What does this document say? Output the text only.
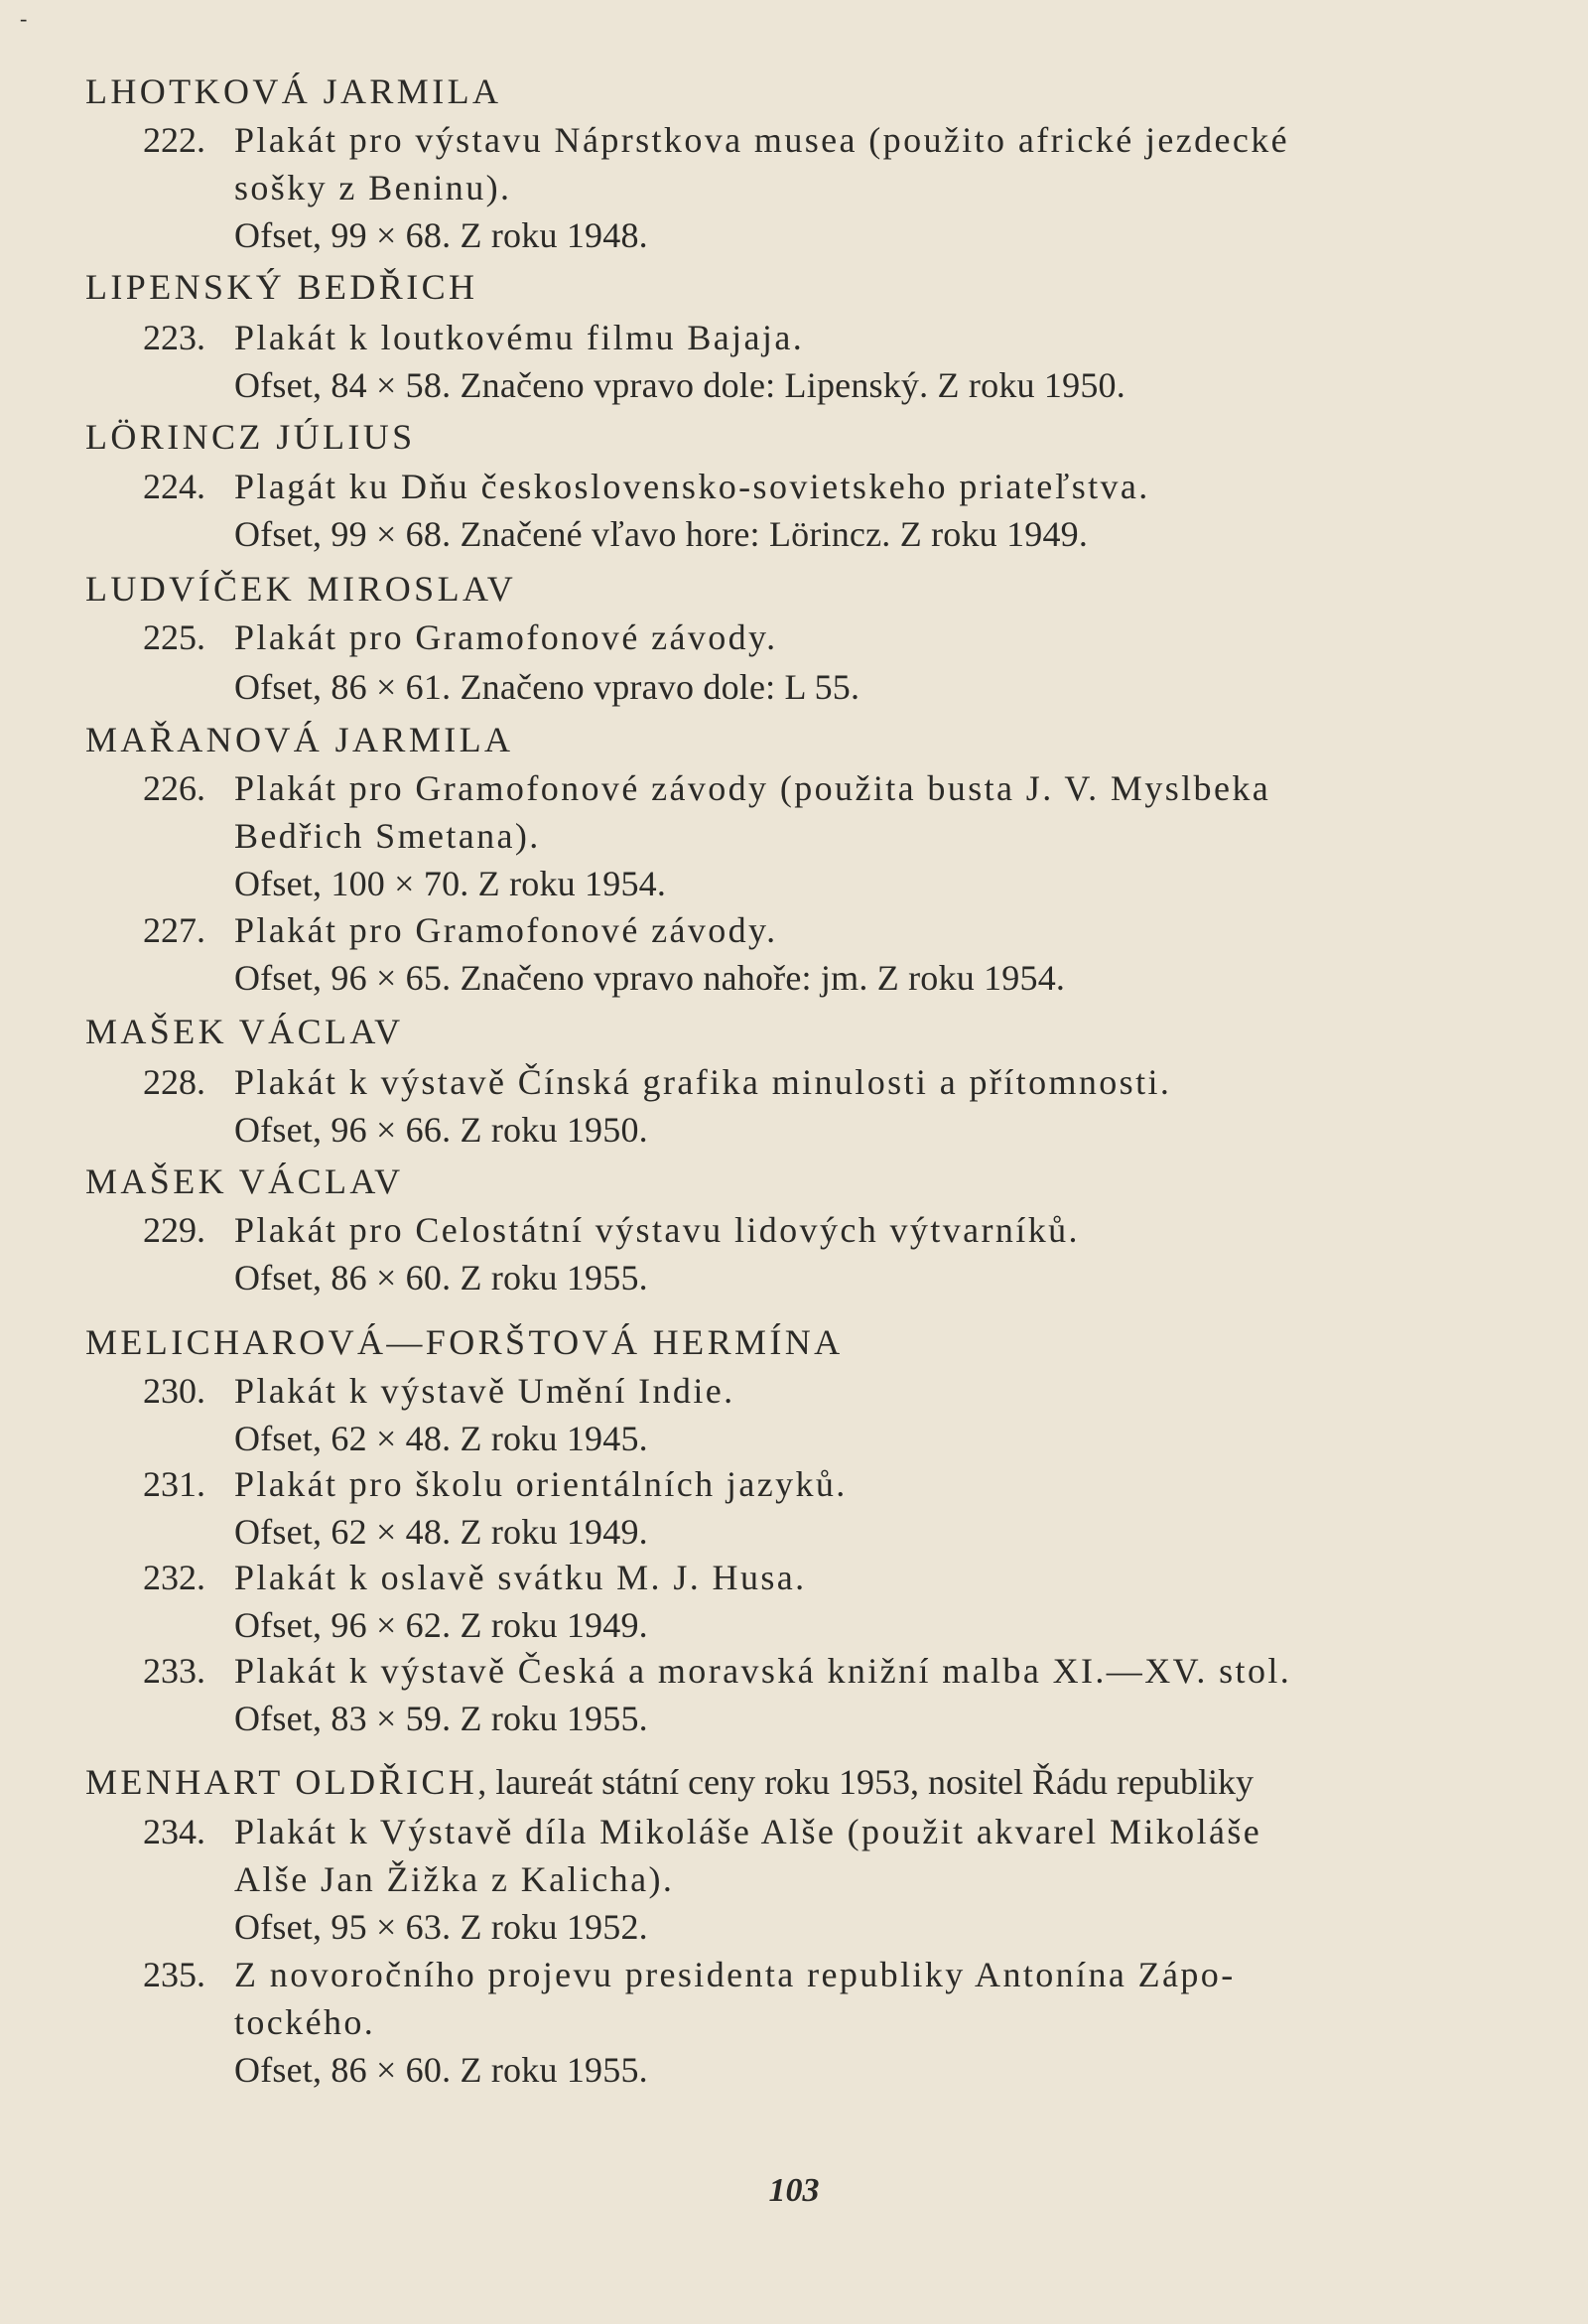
-
LHOTKOVÁ JARMILA
222. Plakát pro výstavu Náprstkova musea (použito africké jezdecké
sošky z Beninu).
Ofset, 99 × 68. Z roku 1948.
LIPENSKÝ BEDŘICH
223. Plakát k loutkovému filmu Bajaja.
Ofset, 84 × 58. Značeno vpravo dole: Lipenský. Z roku 1950.
LÖRINCZ JÚLIUS
224. Plagát ku Dňu československo-sovietskeho priateľstva.
Ofset, 99 × 68. Značené vľavo hore: Lörincz. Z roku 1949.
LUDVÍČEK MIROSLAV
225. Plakát pro Gramofonové závody.
Ofset, 86 × 61. Značeno vpravo dole: L 55.
MAŘANOVÁ JARMILA
226. Plakát pro Gramofonové závody (použita busta J. V. Myslbeka
Bedřich Smetana).
Ofset, 100 × 70. Z roku 1954.
227. Plakát pro Gramofonové závody.
Ofset, 96 × 65. Značeno vpravo nahoře: jm. Z roku 1954.
MAŠEK VÁCLAV
228. Plakát k výstavě Čínská grafika minulosti a přítomnosti.
Ofset, 96 × 66. Z roku 1950.
MAŠEK VÁCLAV
229. Plakát pro Celostátní výstavu lidových výtvarníků.
Ofset, 86 × 60. Z roku 1955.
MELICHAROVÁ—FORŠTOVÁ HERMÍNA
230. Plakát k výstavě Umění Indie.
Ofset, 62 × 48. Z roku 1945.
231. Plakát pro školu orientálních jazyků.
Ofset, 62 × 48. Z roku 1949.
232. Plakát k oslavě svátku M. J. Husa.
Ofset, 96 × 62. Z roku 1949.
233. Plakát k výstavě Česká a moravská knižní malba XI.—XV. stol.
Ofset, 83 × 59. Z roku 1955.
MENHART OLDŘICH, laureát státní ceny roku 1953, nositel Řádu republiky
234. Plakát k Výstavě díla Mikoláše Alše (použit akvarel Mikoláše
Alše Jan Žižka z Kalicha).
Ofset, 95 × 63. Z roku 1952.
235. Z novoročního projevu presidenta republiky Antonína Zápo-
tockého.
Ofset, 86 × 60. Z roku 1955.
103
